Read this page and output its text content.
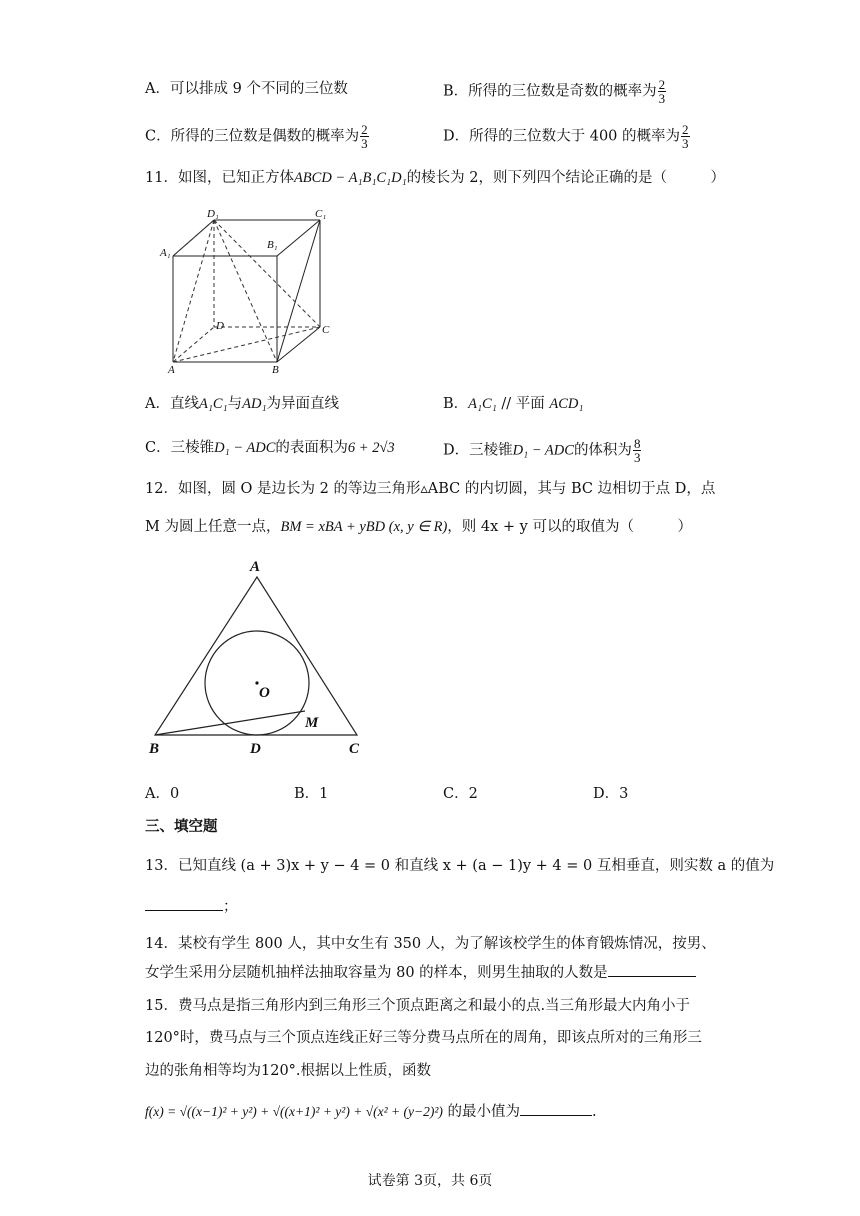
A．可以排成 9 个不同的三位数	B．所得的三位数是奇数的概率为 $\frac{2}{3}$
C．所得的三位数是偶数的概率为 $\frac{2}{3}$	D．所得的三位数大于 400 的概率为 $\frac{2}{3}$
11．如图，已知正方体ABCD − A₁B₁C₁D₁的棱长为 2，则下列四个结论正确的是（　　　）
D₁	C₁
A₁
B₁
D	C
A	B
A．直线A₁C₁与AD₁为异面直线	B．A₁C₁ // 平面 ACD₁
C．三棱锥D₁ − ADC的表面积为6 + 2√3	D．三棱锥D₁ − ADC的体积为 $\frac{8}{3}$
12．如图，圆 O 是边长为 2 的等边三角形▵ABC 的内切圆，其与 BC 边相切于点 D，点
M 为圆上任意一点，BM = xBA + yBD (x, y ∈ R)，则 4x + y 可以的取值为（　　　）
A
B	C
D
O
M
A．0	B．1	C．2	D．3
三、填空题
13．已知直线 (a + 3)x + y − 4 = 0 和直线 x + (a − 1)y + 4 = 0 互相垂直，则实数 a 的值为
；
14．某校有学生 800 人，其中女生有 350 人，为了解该校学生的体育锻炼情况，按男、
女学生采用分层随机抽样法抽取容量为 80 的样本，则男生抽取的人数是
15．费马点是指三角形内到三角形三个顶点距离之和最小的点.当三角形最大内角小于
120°时，费马点与三个顶点连线正好三等分费马点所在的周角，即该点所对的三角形三
边的张角相等均为120°.根据以上性质，函数
f(x) = √((x−1)² + y²) + √((x+1)² + y²) + √(x² + (y−2)²) 的最小值为	.
试卷第 3页，共 6页
